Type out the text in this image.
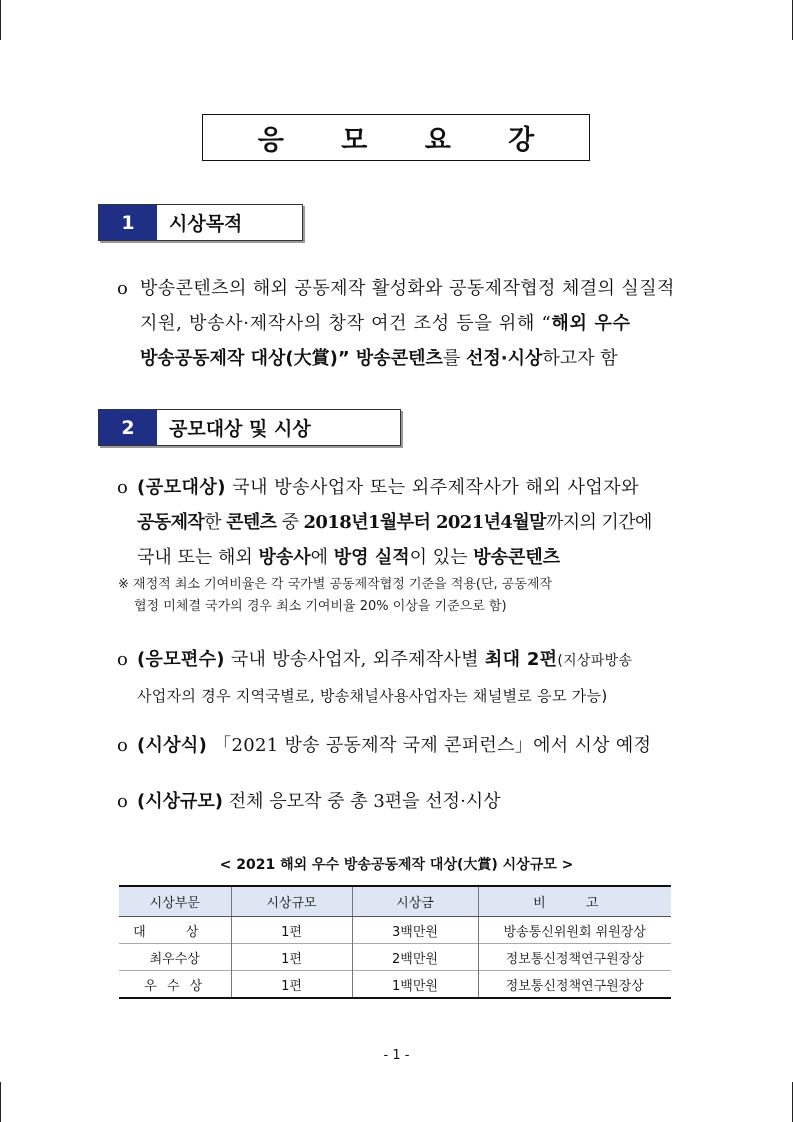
응 모 요 강
1	시상목적
o 방송콘텐츠의 해외 공동제작 활성화와 공동제작협정 체결의 실질적
지원, 방송사·제작사의 창작 여건 조성 등을 위해 “해외 우수
방송공동제작 대상(大賞)” 방송콘텐츠를 선정·시상하고자 함
2	공모대상 및 시상
o (공모대상) 국내 방송사업자 또는 외주제작사가 해외 사업자와
공동제작한 콘텐츠 중 2018년1월부터 2021년4월말까지의 기간에
국내 또는 해외 방송사에 방영 실적이 있는 방송콘텐츠
※ 재정적 최소 기여비율은 각 국가별 공동제작협정 기준을 적용(단, 공동제작
협정 미체결 국가의 경우 최소 기여비율 20% 이상을 기준으로 함)
o (응모편수) 국내 방송사업자, 외주제작사별 최대 2편(지상파방송
사업자의 경우 지역국별로, 방송채널사용사업자는 채널별로 응모 가능)
o (시상식) 「2021 방송 공동제작 국제 콘퍼런스」에서 시상 예정
o (시상규모) 전체 응모작 중 총 3편을 선정·시상
< 2021 해외 우수 방송공동제작 대상(大賞) 시상규모 >
시상부문	시상규모	시상금	비 고
대 상	1편	3백만원	방송통신위원회 위원장상
최우수상	1편	2백만원	정보통신정책연구원장상
우 수 상	1편	1백만원	정보통신정책연구원장상
- 1 -
